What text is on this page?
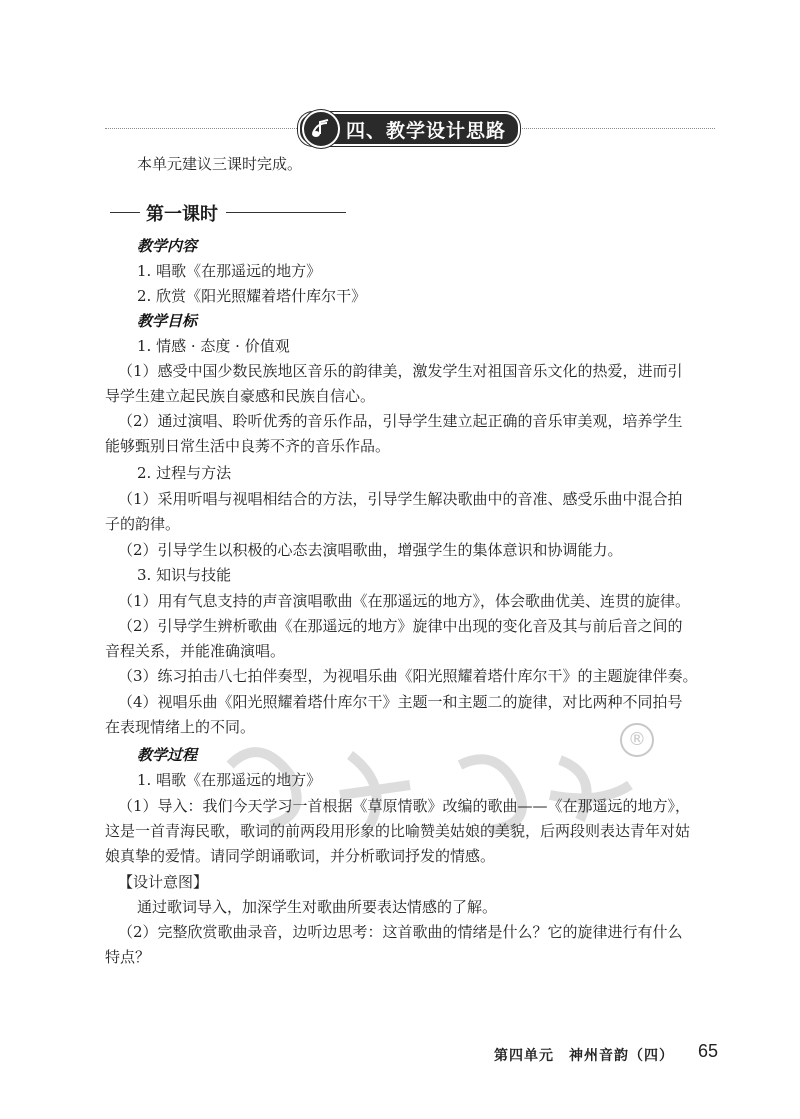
四、教学设计思路
本单元建议三课时完成。
第一课时
教学内容
1. 唱歌《在那遥远的地方》
2. 欣赏《阳光照耀着塔什库尔干》
教学目标
1. 情感 · 态度 · 价值观
（1）感受中国少数民族地区音乐的韵律美，激发学生对祖国音乐文化的热爱，进而引
导学生建立起民族自豪感和民族自信心。
（2）通过演唱、聆听优秀的音乐作品，引导学生建立起正确的音乐审美观，培养学生
能够甄别日常生活中良莠不齐的音乐作品。
2. 过程与方法
（1）采用听唱与视唱相结合的方法，引导学生解决歌曲中的音准、感受乐曲中混合拍
子的韵律。
（2）引导学生以积极的心态去演唱歌曲，增强学生的集体意识和协调能力。
3. 知识与技能
（1）用有气息支持的声音演唱歌曲《在那遥远的地方》，体会歌曲优美、连贯的旋律。
（2）引导学生辨析歌曲《在那遥远的地方》旋律中出现的变化音及其与前后音之间的
音程关系，并能准确演唱。
（3）练习拍击八七拍伴奏型，为视唱乐曲《阳光照耀着塔什库尔干》的主题旋律伴奏。
（4）视唱乐曲《阳光照耀着塔什库尔干》主题一和主题二的旋律，对比两种不同拍号
在表现情绪上的不同。
®
教学过程
1. 唱歌《在那遥远的地方》
（1）导入：我们今天学习一首根据《草原情歌》改编的歌曲——《在那遥远的地方》，
这是一首青海民歌，歌词的前两段用形象的比喻赞美姑娘的美貌，后两段则表达青年对姑
娘真挚的爱情。请同学朗诵歌词，并分析歌词抒发的情感。
【设计意图】
通过歌词导入，加深学生对歌曲所要表达情感的了解。
（2）完整欣赏歌曲录音，边听边思考：这首歌曲的情绪是什么？它的旋律进行有什么
特点？
第四单元　神州音韵（四） 65
